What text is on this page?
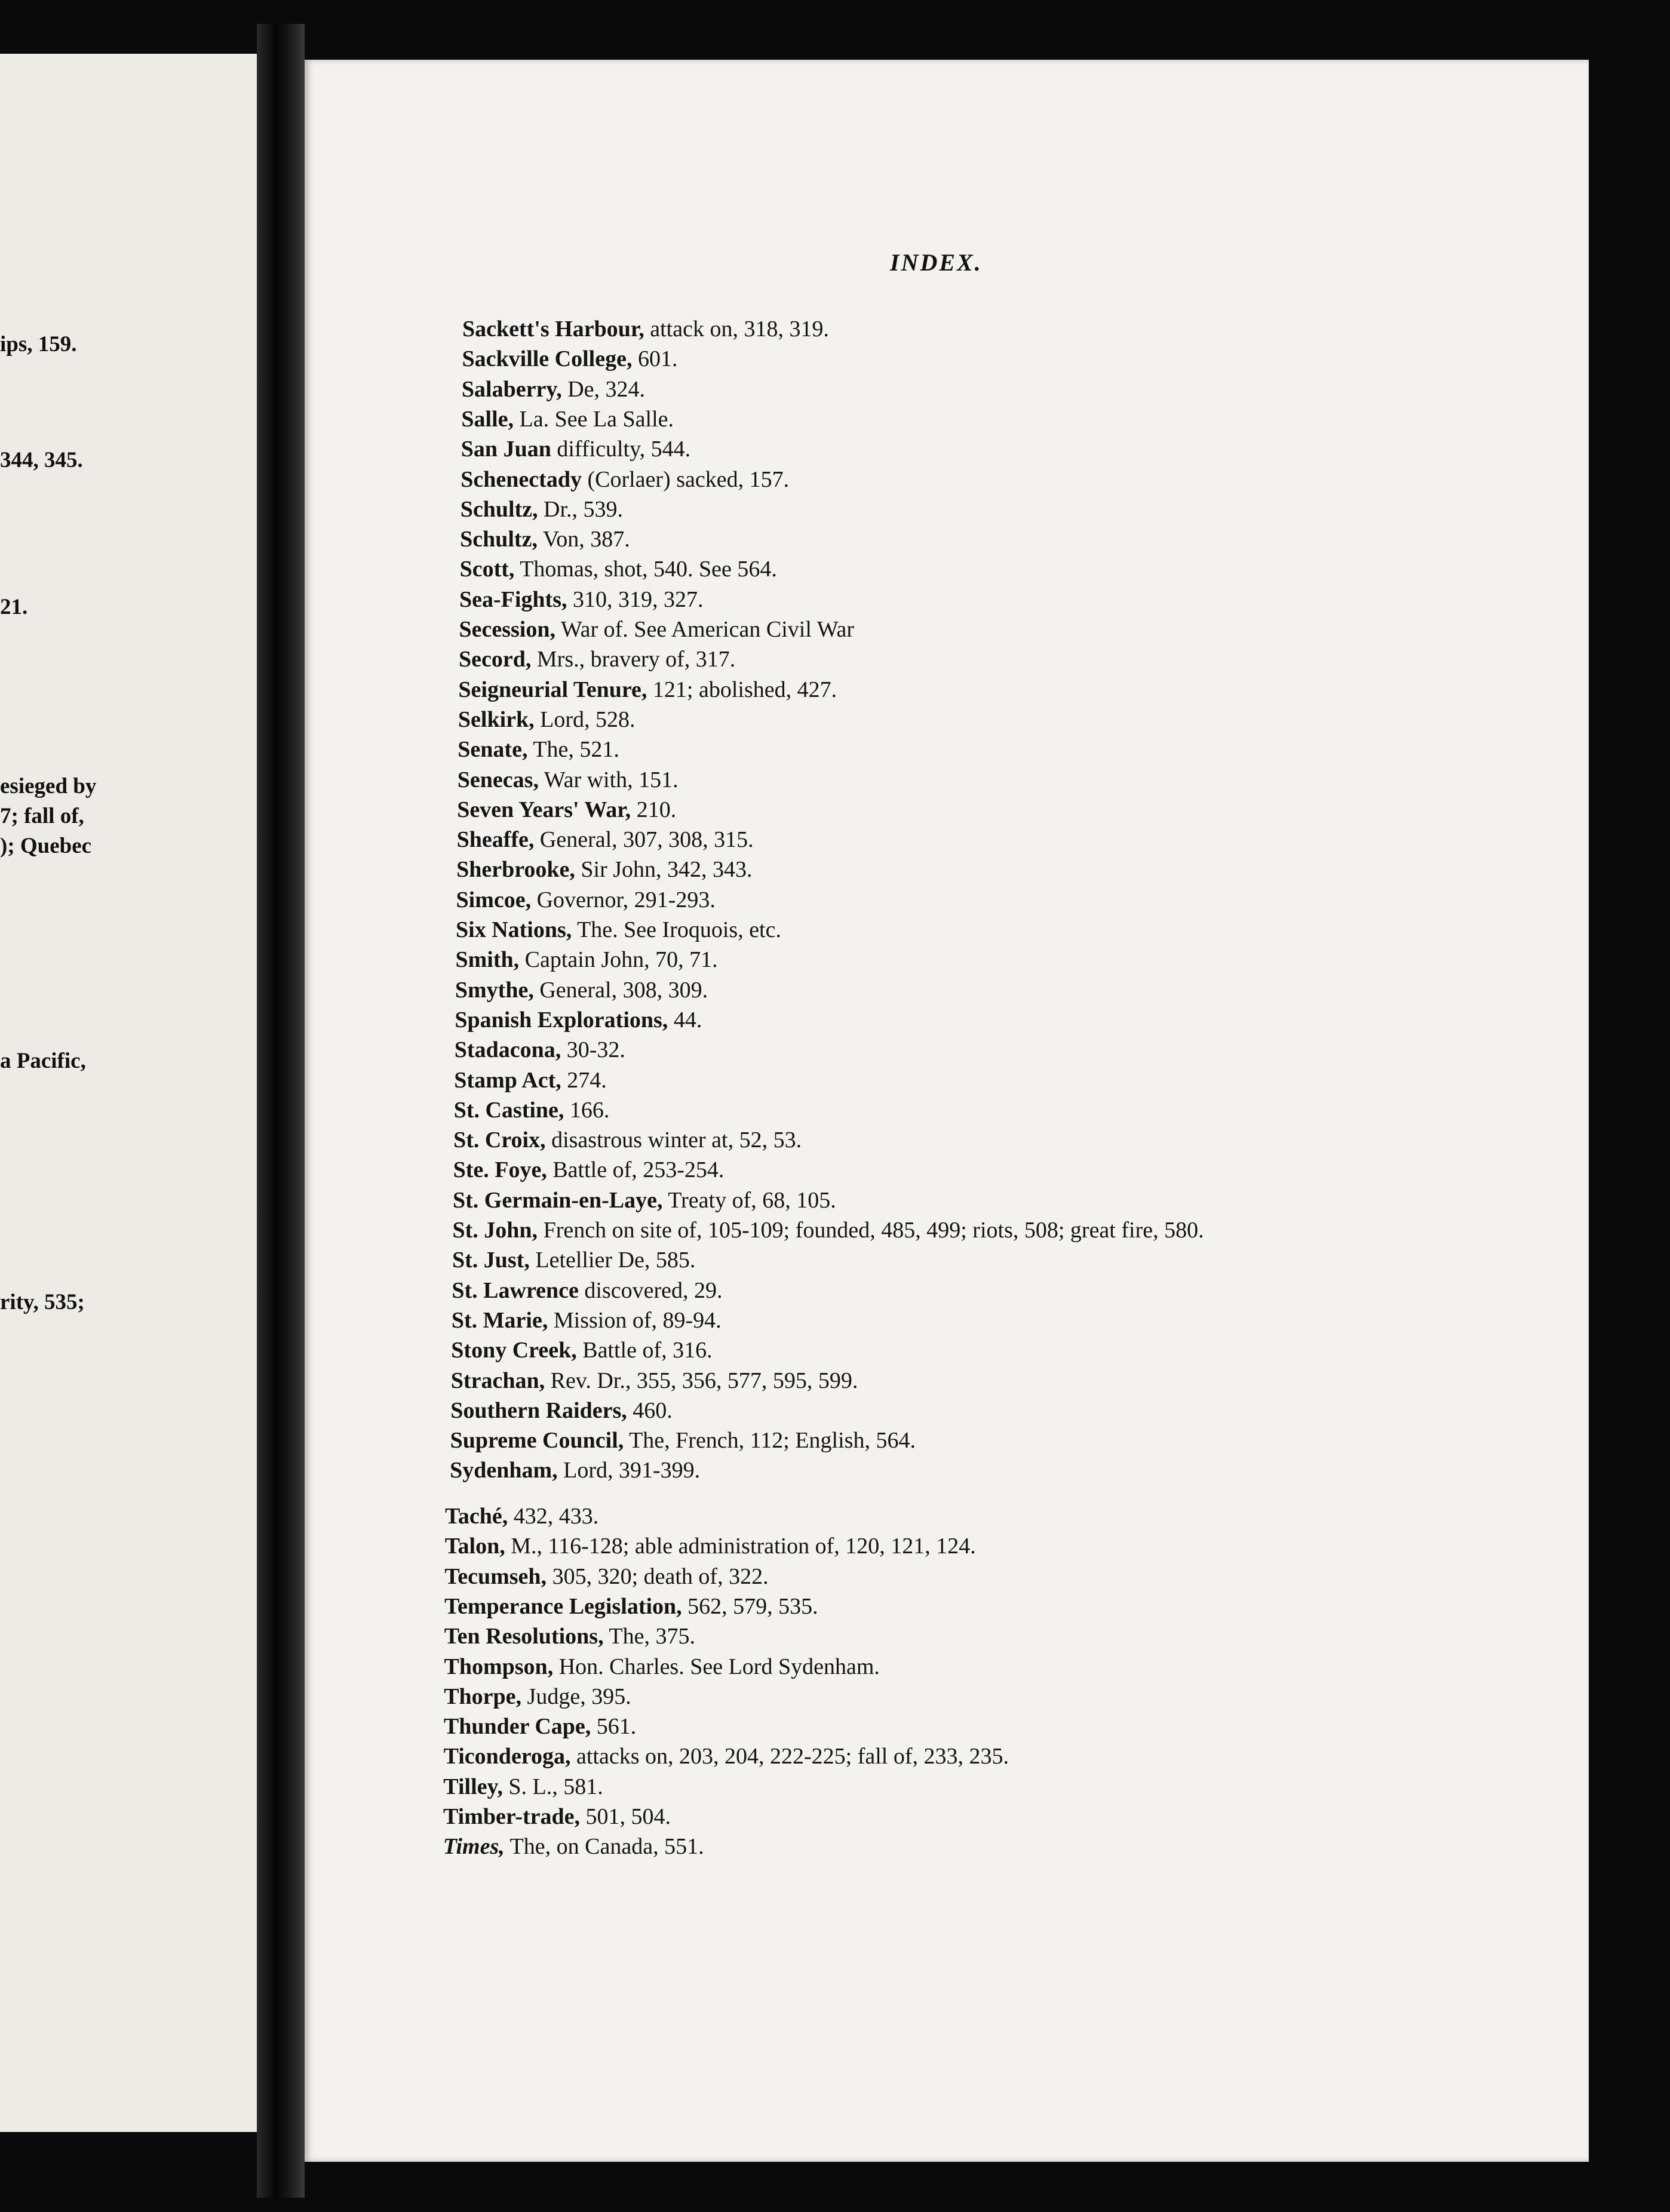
ips, 159.
344, 345.
21.
esieged by
7; fall of,
); Quebec
a Pacific,
rity, 535;
INDEX.
Sackett's Harbour, attack on, 318, 319.
Sackville College, 601.
Salaberry, De, 324.
Salle, La. See La Salle.
San Juan difficulty, 544.
Schenectady (Corlaer) sacked, 157.
Schultz, Dr., 539.
Schultz, Von, 387.
Scott, Thomas, shot, 540. See 564.
Sea-Fights, 310, 319, 327.
Secession, War of. See American Civil War
Secord, Mrs., bravery of, 317.
Seigneurial Tenure, 121; abolished, 427.
Selkirk, Lord, 528.
Senate, The, 521.
Senecas, War with, 151.
Seven Years' War, 210.
Sheaffe, General, 307, 308, 315.
Sherbrooke, Sir John, 342, 343.
Simcoe, Governor, 291-293.
Six Nations, The. See Iroquois, etc.
Smith, Captain John, 70, 71.
Smythe, General, 308, 309.
Spanish Explorations, 44.
Stadacona, 30-32.
Stamp Act, 274.
St. Castine, 166.
St. Croix, disastrous winter at, 52, 53.
Ste. Foye, Battle of, 253-254.
St. Germain-en-Laye, Treaty of, 68, 105.
St. John, French on site of, 105-109; founded, 485, 499; riots, 508; great fire, 580.
St. Just, Letellier De, 585.
St. Lawrence discovered, 29.
St. Marie, Mission of, 89-94.
Stony Creek, Battle of, 316.
Strachan, Rev. Dr., 355, 356, 577, 595, 599.
Southern Raiders, 460.
Supreme Council, The, French, 112; English, 564.
Sydenham, Lord, 391-399.
Taché, 432, 433.
Talon, M., 116-128; able administration of, 120, 121, 124.
Tecumseh, 305, 320; death of, 322.
Temperance Legislation, 562, 579, 535.
Ten Resolutions, The, 375.
Thompson, Hon. Charles. See Lord Sydenham.
Thorpe, Judge, 395.
Thunder Cape, 561.
Ticonderoga, attacks on, 203, 204, 222-225; fall of, 233, 235.
Tilley, S. L., 581.
Timber-trade, 501, 504.
Times, The, on Canada, 551.
